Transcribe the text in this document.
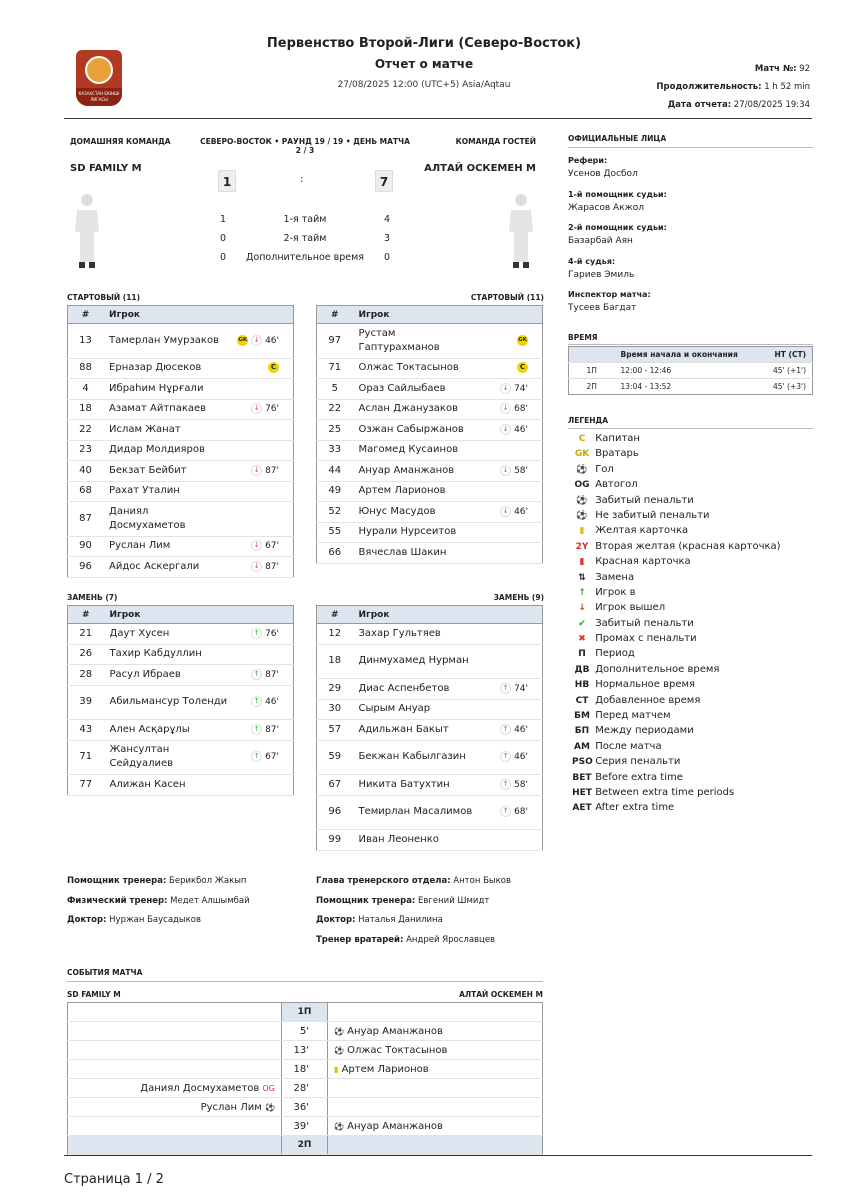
КАЗАХСТАН ЕКІНШІ ЛИГАСЫ
Первенство Второй-Лиги (Северо-Восток)
Отчет о матче
27/08/2025 12:00 (UTC+5) Asia/Aqtau
Матч №: 92
Продолжительность: 1 h 52 min
Дата отчета: 27/08/2025 19:34
ДОМАШНЯЯ КОМАНДА	СЕВЕРО-ВОСТОК • РАУНД 19 / 19 • ДЕНЬ МАТЧА
2 / 3
КОМАНДА ГОСТЕЙ
SD FAMILY M	АЛТАЙ ОСКЕМЕН М
1	:	7
1	1-я тайм	4
0	2-я тайм	3
0 Дополнительное время 0
СТАРТОВЫЙ (11)	СТАРТОВЫЙ (11)
ЗАМЕНЬ (7)	ЗАМЕНЬ (9)
#	Игрок	
13	Тамерлан Умурзаков	GK ↓ 46'
88	Ерназар Дюсеков	C
4	Ибраһим Нұрғали	
18	Азамат Айтпакаев	↓ 76'
22	Ислам Жанат	
23	Дидар Молдияров	
40	Бекзат Бейбит	↓ 87'
68	Рахат Уталин	
87	Даниял Досмухаметов	
90	Руслан Лим	↓ 67'
96	Айдос Аскергали	↓ 87'
#	Игрок	
97	Рустам Гаптурахманов	GK
71	Олжас Токтасынов	C
5	Ораз Сайлыбаев	↓ 74'
22	Аслан Джанузаков	↓ 68'
25	Озжан Сабыржанов	↓ 46'
33	Магомед Кусаинов	
44	Ануар Аманжанов	↓ 58'
49	Артем Ларионов	
52	Юнус Масудов	↓ 46'
55	Нурали Нурсеитов	
66	Вячеслав Шакин	
#	Игрок	
21	Даут Хусен	↑ 76'
26	Тахир Кабдуллин	
28	Расул Ибраев	↑ 87'
39	Абильмансур Толенди	↑ 46'
43	Ален Асқарұлы	↑ 87'
71	Жансултан Сейдуалиев	↑ 67'
77	Алижан Касен	
#	Игрок	
12	Захар Гультяев	
18	Динмухамед Нурман	
29	Диас Аспенбетов	↑ 74'
30	Сырым Ануар	
57	Адильжан Бакыт	↑ 46'
59	Бекжан Кабылгазин	↑ 46'
67	Никита Батухтин	↑ 58'
96	Темирлан Масалимов	↑ 68'
99	Иван Леоненко	
ОФИЦИАЛЬНЫЕ ЛИЦА
Рефери:
Усенов Досбол
1-й помощник судьи:
Жарасов Акжол
2-й помощник судьи:
Базарбай Аян
4-й судья:
Гариев Эмиль
Инспектор матча:
Тусеев Багдат
ВРЕМЯ
	Время начала и окончания	НТ (СТ)
1П	12:00 - 12:46	45' (+1')
2П	13:04 - 13:52	45' (+3')
ЛЕГЕНДА
C Капитан
GK Вратарь
⚽ Гол
OG Автогол
⚽ Забитый пенальти
⚽ Не забитый пенальти
▮ Желтая карточка
2Y Вторая желтая (красная карточка)
▮ Красная карточка
⇅ Замена
↑ Игрок в
↓ Игрок вышел
✔ Забитый пенальти
✖ Промах с пенальти
П Период
ДВ Дополнительное время
НВ Нормальное время
СТ Добавленное время
БМ Перед матчем
БП Между периодами
АМ После матча
PSO Серия пенальти
BET Before extra time
HET Between extra time periods
AET After extra time
Помощник тренера: Берикбол Жакып
Физический тренер: Медет Алшымбай
Доктор: Нуржан Баусадыков
Глава тренерского отдела: Антон Быков
Помощник тренера: Евгений Шмидт
Доктор: Наталья Данилина
Тренер вратарей: Андрей Ярославцев
СОБЫТИЯ МАТЧА
SD FAMILY M	АЛТАЙ ОСКЕМЕН М
	1П	
	5'	⚽ Ануар Аманжанов
	13'	⚽ Олжас Токтасынов
	18'	▮ Артем Ларионов
Даниял Досмухаметов OG	28'	
Руслан Лим ⚽	36'	
	39'	⚽ Ануар Аманжанов
	2П	
Страница 1 / 2
